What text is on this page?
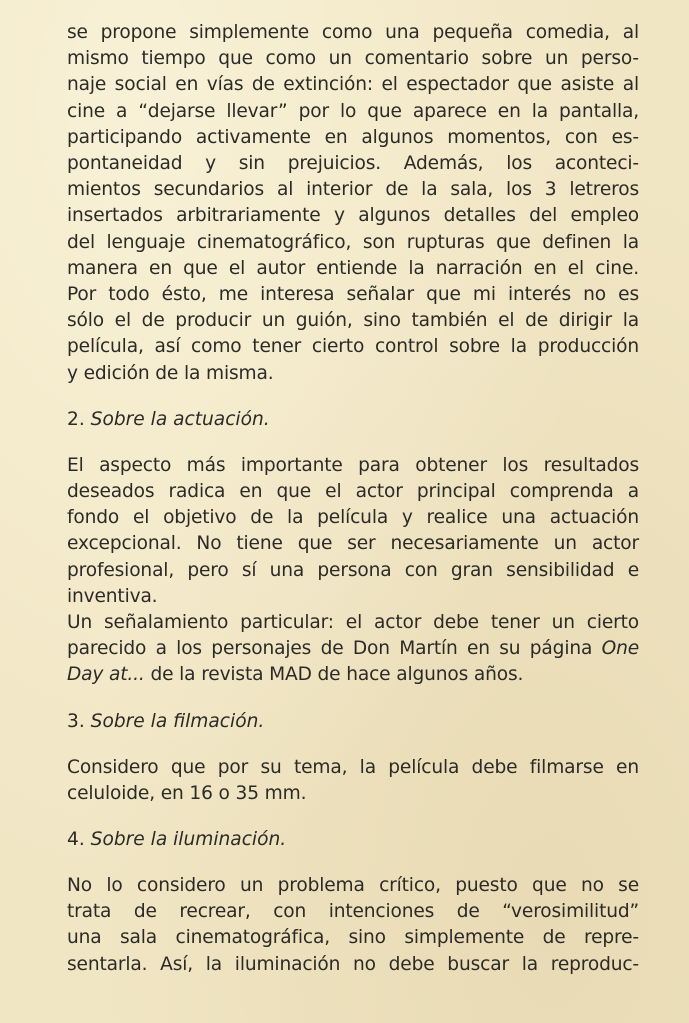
se propone simplemente como una pequeña comedia, al
mismo tiempo que como un comentario sobre un perso-
naje social en vías de extinción: el espectador que asiste al
cine a “dejarse llevar” por lo que aparece en la pantalla,
participando activamente en algunos momentos, con es-
pontaneidad y sin prejuicios. Además, los aconteci-
mientos secundarios al interior de la sala, los 3 letreros
insertados arbitrariamente y algunos detalles del empleo
del lenguaje cinematográfico, son rupturas que definen la
manera en que el autor entiende la narración en el cine.
Por todo ésto, me interesa señalar que mi interés no es
sólo el de producir un guión, sino también el de dirigir la
película, así como tener cierto control sobre la producción
y edición de la misma.

2. Sobre la actuación.

El aspecto más importante para obtener los resultados
deseados radica en que el actor principal comprenda a
fondo el objetivo de la película y realice una actuación
excepcional. No tiene que ser necesariamente un actor
profesional, pero sí una persona con gran sensibilidad e
inventiva.
Un señalamiento particular: el actor debe tener un cierto
parecido a los personajes de Don Martín en su página One
Day at... de la revista MAD de hace algunos años.

3. Sobre la filmación.

Considero que por su tema, la película debe filmarse en
celuloide, en 16 o 35 mm.

4. Sobre la iluminación.

No lo considero un problema crítico, puesto que no se
trata de recrear, con intenciones de “verosimilitud”
una sala cinematográfica, sino simplemente de repre-
sentarla. Así, la iluminación no debe buscar la reproduc-
